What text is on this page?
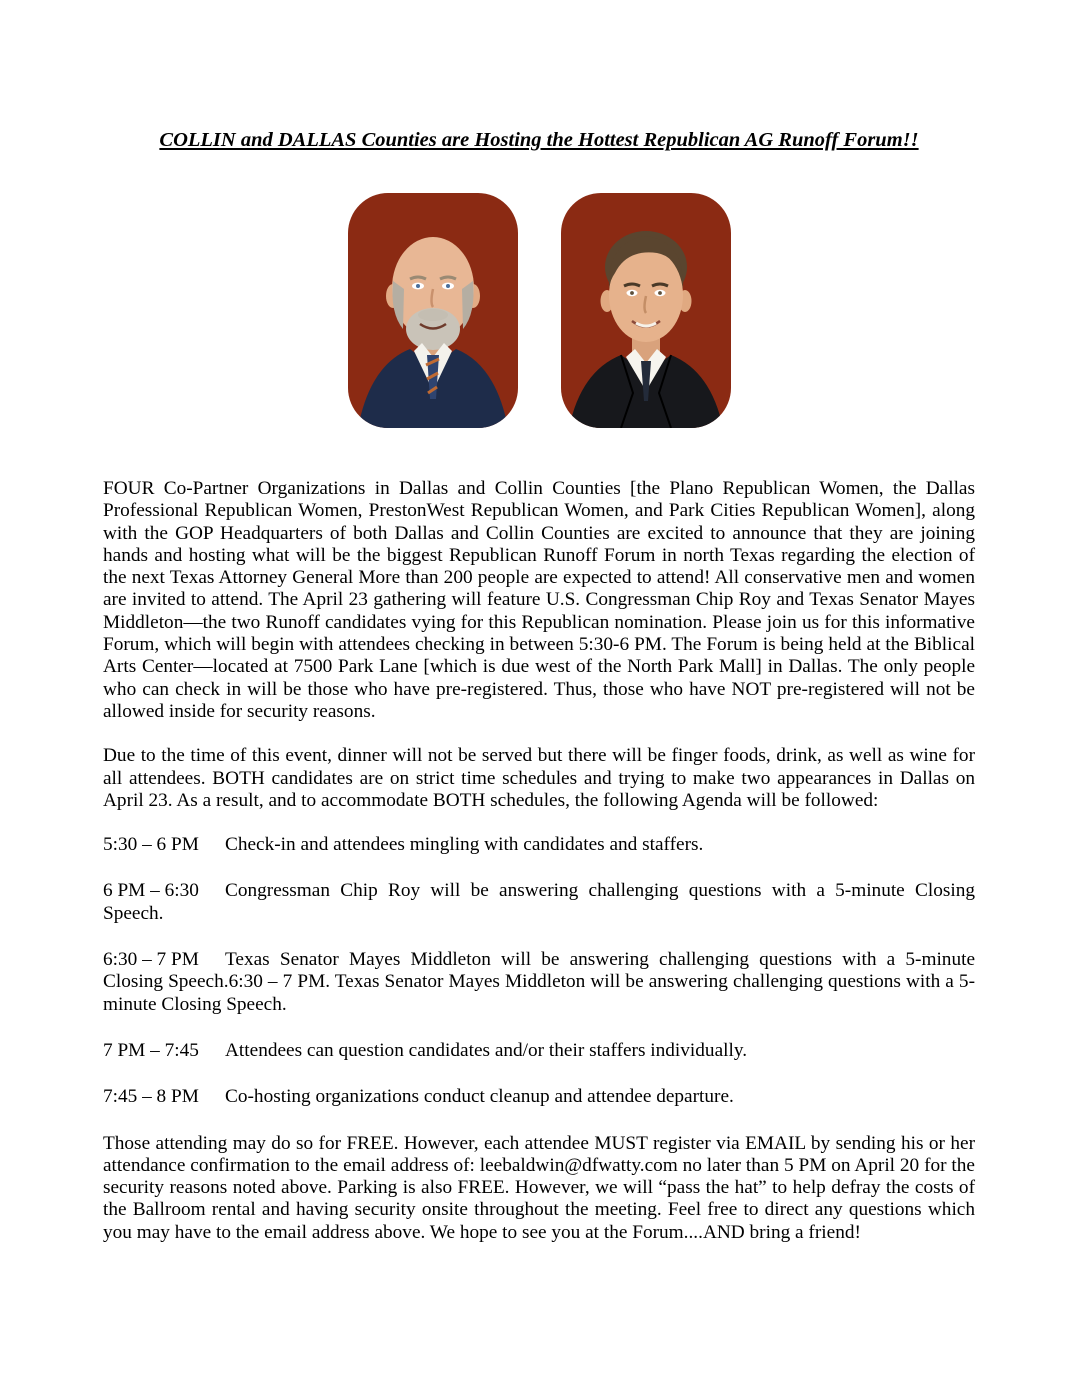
COLLIN and DALLAS Counties are Hosting the Hottest Republican AG Runoff Forum!!

FOUR Co-Partner Organizations in Dallas and Collin Counties [the Plano Republican Women, the Dallas Professional Republican Women, PrestonWest Republican Women, and Park Cities Republican Women], along with the GOP Headquarters of both Dallas and Collin Counties are excited to announce that they are joining hands and hosting what will be the biggest Republican Runoff Forum in north Texas regarding the election of the next Texas Attorney General More than 200 people are expected to attend! All conservative men and women are invited to attend. The April 23 gathering will feature U.S. Congressman Chip Roy and Texas Senator Mayes Middleton—the two Runoff candidates vying for this Republican nomination. Please join us for this informative Forum, which will begin with attendees checking in between 5:30-6 PM. The Forum is being held at the Biblical Arts Center—located at 7500 Park Lane [which is due west of the North Park Mall] in Dallas. The only people who can check in will be those who have pre-registered. Thus, those who have NOT pre-registered will not be allowed inside for security reasons.

Due to the time of this event, dinner will not be served but there will be finger foods, drink, as well as wine for all attendees. BOTH candidates are on strict time schedules and trying to make two appearances in Dallas on April 23. As a result, and to accommodate BOTH schedules, the following Agenda will be followed:

5:30 – 6 PM Check-in and attendees mingling with candidates and staffers.

6 PM – 6:30 Congressman Chip Roy will be answering challenging questions with a 5-minute Closing Speech.

6:30 – 7 PM Texas Senator Mayes Middleton will be answering challenging questions with a 5-minute Closing Speech.6:30 – 7 PM. Texas Senator Mayes Middleton will be answering challenging questions with a 5-minute Closing Speech.

7 PM – 7:45 Attendees can question candidates and/or their staffers individually.

7:45 – 8 PM Co-hosting organizations conduct cleanup and attendee departure.

Those attending may do so for FREE. However, each attendee MUST register via EMAIL by sending his or her attendance confirmation to the email address of: leebaldwin@dfwatty.com no later than 5 PM on April 20 for the security reasons noted above. Parking is also FREE. However, we will “pass the hat” to help defray the costs of the Ballroom rental and having security onsite throughout the meeting. Feel free to direct any questions which you may have to the email address above. We hope to see you at the Forum....AND bring a friend!
